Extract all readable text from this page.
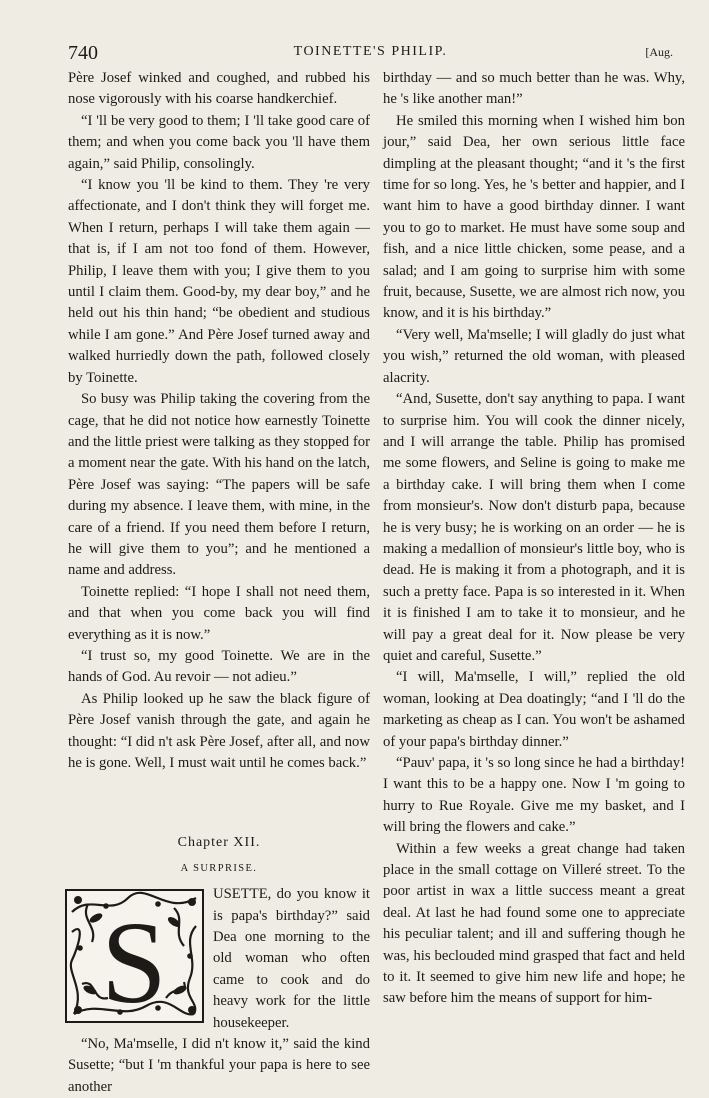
740	TOINETTE'S PHILIP.	[Aug.

Père Josef winked and coughed, and rubbed his nose vigorously with his coarse handkerchief.

“I 'll be very good to them; I 'll take good care of them; and when you come back you 'll have them again,” said Philip, consolingly.

“I know you 'll be kind to them. They 're very affectionate, and I don't think they will forget me. When I return, perhaps I will take them again — that is, if I am not too fond of them. However, Philip, I leave them with you; I give them to you until I claim them. Good-by, my dear boy,” and he held out his thin hand; “be obedient and studious while I am gone.” And Père Josef turned away and walked hurriedly down the path, followed closely by Toinette.

So busy was Philip taking the covering from the cage, that he did not notice how earnestly Toinette and the little priest were talking as they stopped for a moment near the gate. With his hand on the latch, Père Josef was saying: “The papers will be safe during my absence. I leave them, with mine, in the care of a friend. If you need them before I return, he will give them to you”; and he mentioned a name and address.

Toinette replied: “I hope I shall not need them, and that when you come back you will find everything as it is now.”

“I trust so, my good Toinette. We are in the hands of God. Au revoir — not adieu.”

As Philip looked up he saw the black figure of Père Josef vanish through the gate, and again he thought: “I did n't ask Père Josef, after all, and now he is gone. Well, I must wait until he comes back.”

Chapter XII.
A SURPRISE.
S
USETTE, do you know it is papa's birthday?” said Dea one morning to the old woman who often came to cook and do heavy work for the little housekeeper.

“No, Ma'mselle, I did n't know it,” said the kind Susette; “but I 'm thankful your papa is here to see another

birthday — and so much better than he was. Why, he 's like another man!”

He smiled this morning when I wished him bon jour,” said Dea, her own serious little face dimpling at the pleasant thought; “and it 's the first time for so long. Yes, he 's better and happier, and I want him to have a good birthday dinner. I want you to go to market. He must have some soup and fish, and a nice little chicken, some pease, and a salad; and I am going to surprise him with some fruit, because, Susette, we are almost rich now, you know, and it is his birthday.”

“Very well, Ma'mselle; I will gladly do just what you wish,” returned the old woman, with pleased alacrity.

“And, Susette, don't say anything to papa. I want to surprise him. You will cook the dinner nicely, and I will arrange the table. Philip has promised me some flowers, and Seline is going to make me a birthday cake. I will bring them when I come from monsieur's. Now don't disturb papa, because he is very busy; he is working on an order — he is making a medallion of monsieur's little boy, who is dead. He is making it from a photograph, and it is such a pretty face. Papa is so interested in it. When it is finished I am to take it to monsieur, and he will pay a great deal for it. Now please be very quiet and careful, Susette.”

“I will, Ma'mselle, I will,” replied the old woman, looking at Dea doatingly; “and I 'll do the marketing as cheap as I can. You won't be ashamed of your papa's birthday dinner.”

“Pauv' papa, it 's so long since he had a birthday! I want this to be a happy one. Now I 'm going to hurry to Rue Royale. Give me my basket, and I will bring the flowers and cake.”

Within a few weeks a great change had taken place in the small cottage on Villeré street. To the poor artist in wax a little success meant a great deal. At last he had found some one to appreciate his peculiar talent; and ill and suffering though he was, his beclouded mind grasped that fact and held to it. It seemed to give him new life and hope; he saw before him the means of support for him-
